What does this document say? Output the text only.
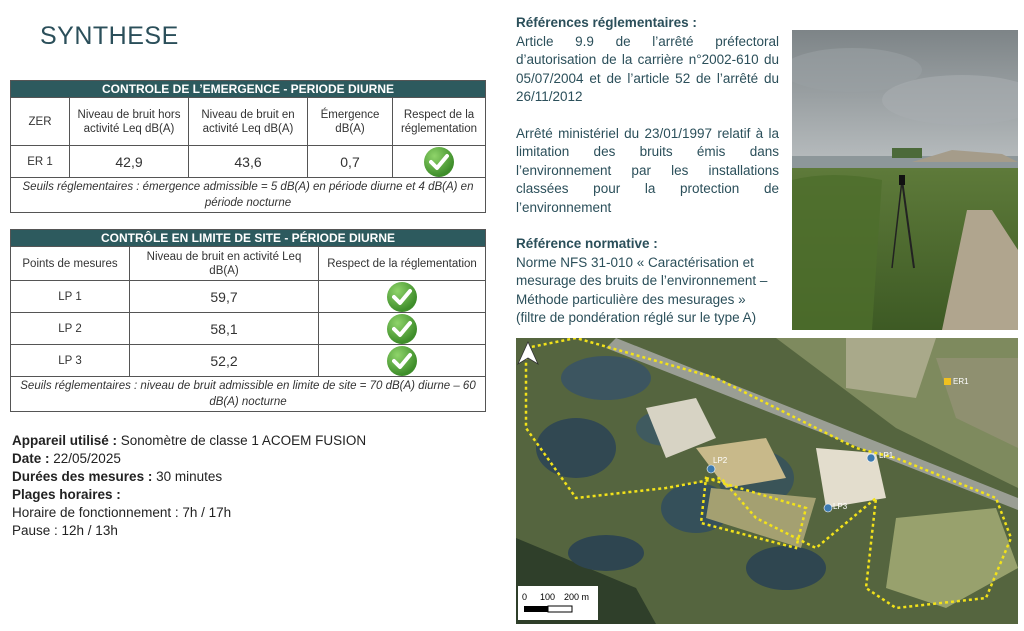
SYNTHESE
CONTROLE DE L’EMERGENCE - PERIODE DIURNE				
ZER	Niveau de bruit hors activité Leq dB(A)	Niveau de bruit en activité Leq dB(A)	Émergence dB(A)	Respect de la réglementation
ER 1	42,9	43,6	0,7	

Seuils réglementaires : émergence admissible = 5 dB(A) en période diurne et 4 dB(A) en période nocturne				
CONTRÔLE EN LIMITE DE SITE - PÉRIODE DIURNE		
Points de mesures	Niveau de bruit en activité Leq dB(A)	Respect de la réglementation
LP 1	59,7	

LP 2	58,1	

LP 3	52,2	

Seuils réglementaires : niveau de bruit admissible en limite de site = 70 dB(A) diurne – 60 dB(A) nocturne		
Appareil utilisé : Sonomètre de classe 1 ACOEM FUSION
Date : 22/05/2025
Durées des mesures : 30 minutes
Plages horaires :
Horaire de fonctionnement : 7h / 17h
Pause : 12h / 13h

Références réglementaires :

Article 9.9 de l’arrêté préfectoral d’autorisation de la carrière n°2002-610 du 05/07/2004 et de l’article 52 de l’arrêté du 26/11/2012

Arrêté ministériel du 23/01/1997 relatif à la limitation des bruits émis dans l’environnement par les installations classées pour la protection de l’environnement

Référence normative :

Norme NFS 31-010 « Caractérisation et mesurage des bruits de l’environnement – Méthode particulière des mesurages » (filtre de pondération réglé sur le type A)

ER1
LP1
LP2
LP3
0 100 200 m
